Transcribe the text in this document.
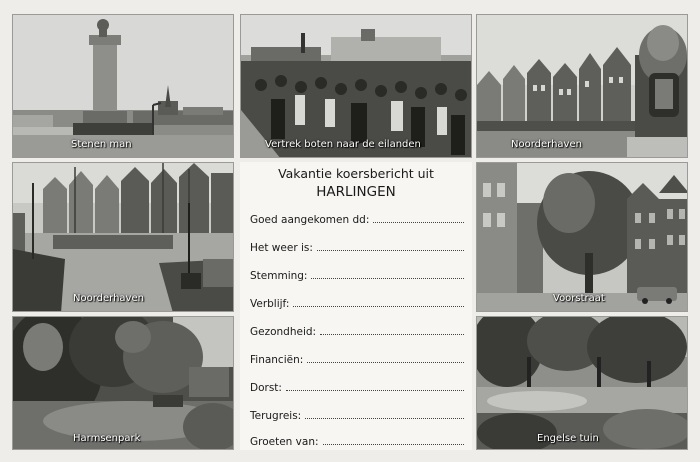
Stenen man	Vertrek boten naar de eilanden	Noorderhaven
Noorderhaven	Voorstraat
Harmsenpark	Engelse tuin
Vakantie koersbericht uit
HARLINGEN
Goed aangekomen dd:
Het weer is:
Stemming:
Verblijf:
Gezondheid:
Financiën:
Dorst:
Terugreis:
Groeten van:
